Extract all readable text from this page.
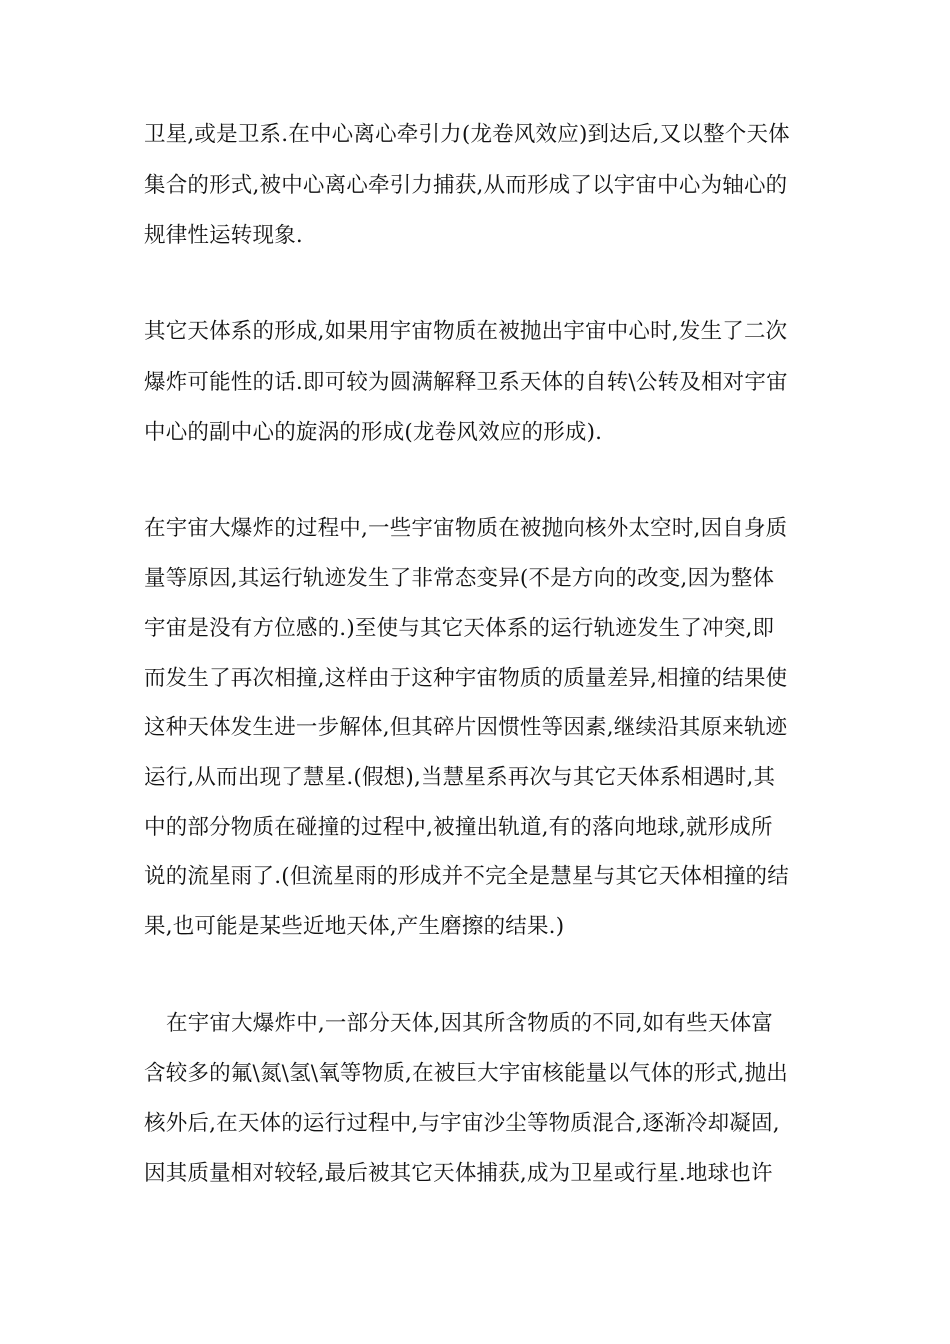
卫星,或是卫系.在中心离心牵引力(龙卷风效应)到达后,又以整个天体
集合的形式,被中心离心牵引力捕获,从而形成了以宇宙中心为轴心的
规律性运转现象.
其它天体系的形成,如果用宇宙物质在被抛出宇宙中心时,发生了二次
爆炸可能性的话.即可较为圆满解释卫系天体的自转\公转及相对宇宙
中心的副中心的旋涡的形成(龙卷风效应的形成).
在宇宙大爆炸的过程中,一些宇宙物质在被抛向核外太空时,因自身质
量等原因,其运行轨迹发生了非常态变异(不是方向的改变,因为整体
宇宙是没有方位感的.)至使与其它天体系的运行轨迹发生了冲突,即
而发生了再次相撞,这样由于这种宇宙物质的质量差异,相撞的结果使
这种天体发生进一步解体,但其碎片因惯性等因素,继续沿其原来轨迹
运行,从而出现了慧星.(假想),当慧星系再次与其它天体系相遇时,其
中的部分物质在碰撞的过程中,被撞出轨道,有的落向地球,就形成所
说的流星雨了.(但流星雨的形成并不完全是慧星与其它天体相撞的结
果,也可能是某些近地天体,产生磨擦的结果.)
在宇宙大爆炸中,一部分天体,因其所含物质的不同,如有些天体富
含较多的氟\氮\氢\氧等物质,在被巨大宇宙核能量以气体的形式,抛出
核外后,在天体的运行过程中,与宇宙沙尘等物质混合,逐渐冷却凝固,
因其质量相对较轻,最后被其它天体捕获,成为卫星或行星.地球也许
